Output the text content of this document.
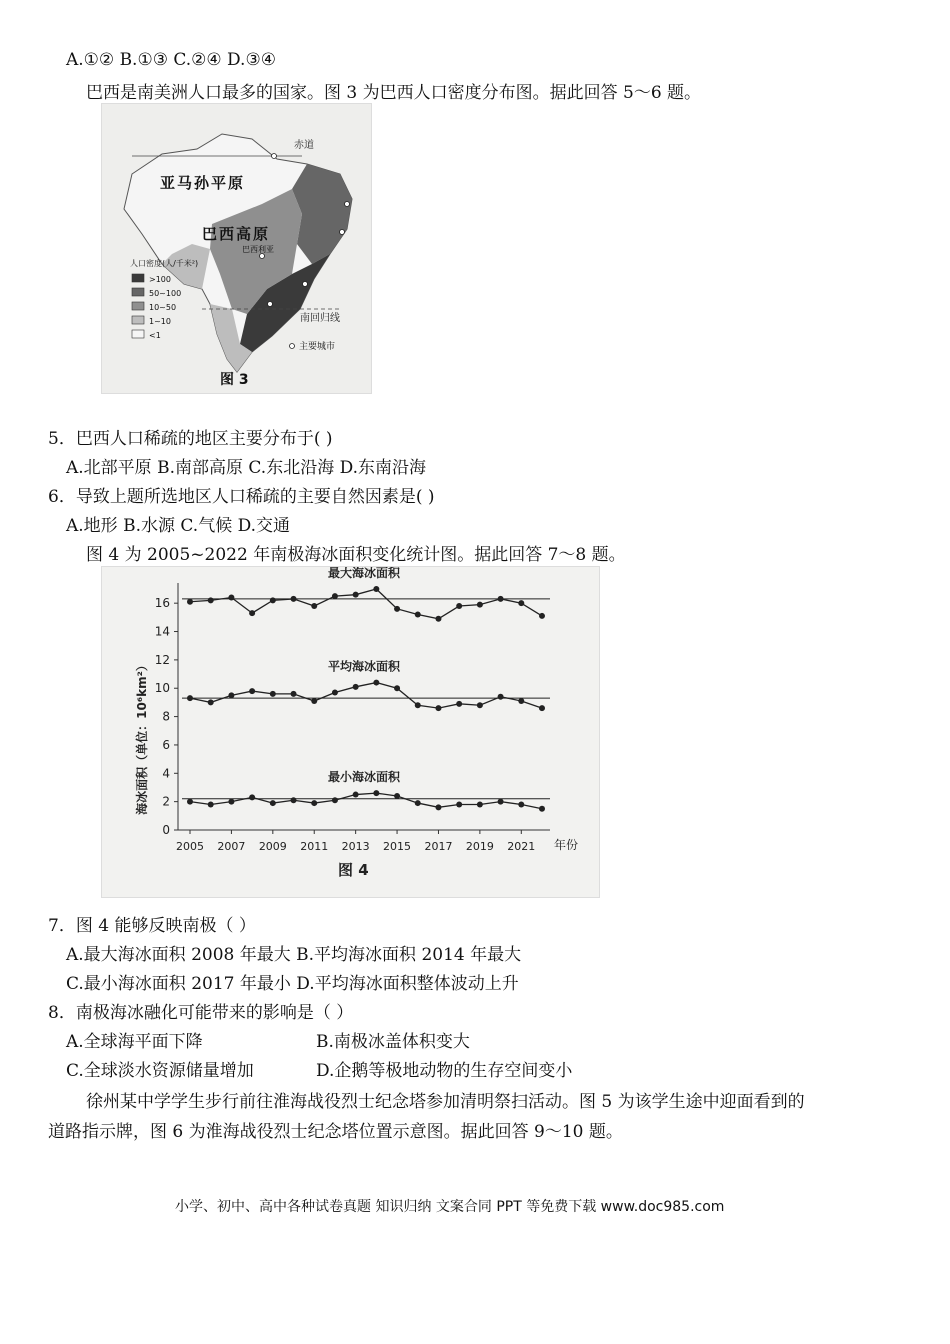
A.①② B.①③ C.②④ D.③④
巴西是南美洲人口最多的国家。图 3 为巴西人口密度分布图。据此回答 5～6 题。
赤道
南回归线
亚马孙平原
巴西高原
巴西利亚
人口密度(人/千米²)
>100
50~100
10~50
1~10
<1
主要城市
图 3
5．巴西人口稀疏的地区主要分布于( )
A.北部平原 B.南部高原 C.东北沿海 D.东南沿海
6．导致上题所选地区人口稀疏的主要自然因素是( )
A.地形 B.水源 C.气候 D.交通
图 4 为 2005~2022 年南极海冰面积变化统计图。据此回答 7～8 题。
海冰面积（单位：10⁶km²）
年份
图 4
0
2
4
6
8
10
12
14
16
2005 2007 2009 2011 2013 2015 2017 2019 2021
最大海冰面积
平均海冰面积
最小海冰面积
7．图 4 能够反映南极（ ）
A.最大海冰面积 2008 年最大 B.平均海冰面积 2014 年最大
C.最小海冰面积 2017 年最小 D.平均海冰面积整体波动上升
8．南极海冰融化可能带来的影响是（ ）
A.全球海平面下降	B.南极冰盖体积变大
C.全球淡水资源储量增加	D.企鹅等极地动物的生存空间变小
徐州某中学学生步行前往淮海战役烈士纪念塔参加清明祭扫活动。图 5 为该学生途中迎面看到的
道路指示牌，图 6 为淮海战役烈士纪念塔位置示意图。据此回答 9～10 题。
小学、初中、高中各种试卷真题 知识归纳 文案合同 PPT 等免费下载 www.doc985.com
